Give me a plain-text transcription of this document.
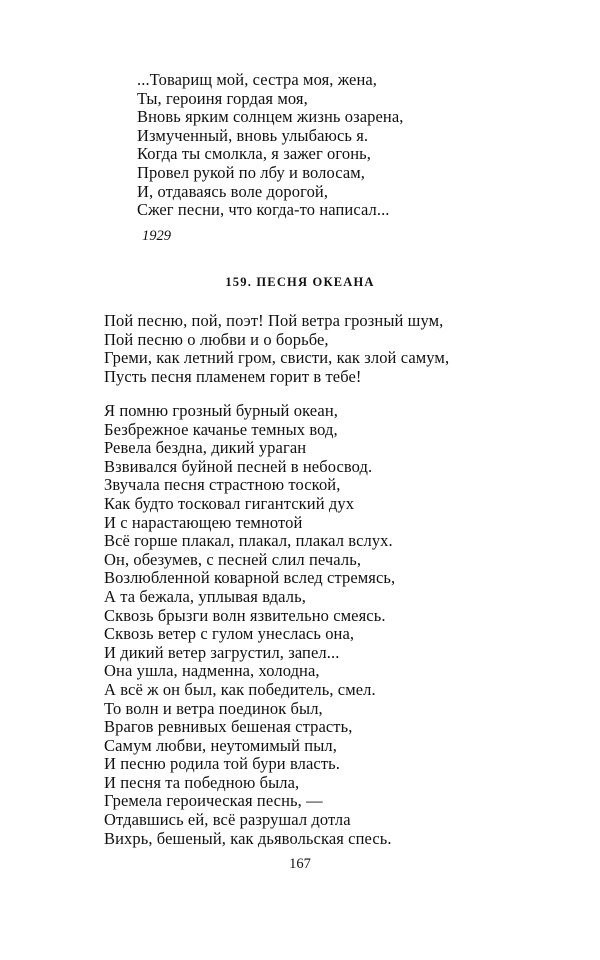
...Товарищ мой, сестра моя, жена,
Ты, героиня гордая моя,
Вновь ярким солнцем жизнь озарена,
Измученный, вновь улыбаюсь я.
Когда ты смолкла, я зажег огонь,
Провел рукой по лбу и волосам,
И, отдаваясь воле дорогой,
Сжег песни, что когда-то написал...
1929
159. ПЕСНЯ ОКЕАНА
Пой песню, пой, поэт! Пой ветра грозный шум,
Пой песню о любви и о борьбе,
Греми, как летний гром, свисти, как злой самум,
Пусть песня пламенем горит в тебе!
Я помню грозный бурный океан,
Безбрежное качанье темных вод,
Ревела бездна, дикий ураган
Взвивался буйной песней в небосвод.
Звучала песня страстною тоской,
Как будто тосковал гигантский дух
И с нарастающею темнотой
Всё горше плакал, плакал, плакал вслух.
Он, обезумев, с песней слил печаль,
Возлюбленной коварной вслед стремясь,
А та бежала, уплывая вдаль,
Сквозь брызги волн язвительно смеясь.
Сквозь ветер с гулом унеслась она,
И дикий ветер загрустил, запел...
Она ушла, надменна, холодна,
А всё ж он был, как победитель, смел.
То волн и ветра поединок был,
Врагов ревнивых бешеная страсть,
Самум любви, неутомимый пыл,
И песню родила той бури власть.
И песня та победною была,
Гремела героическая песнь, —
Отдавшись ей, всё разрушал дотла
Вихрь, бешеный, как дьявольская спесь.
167
